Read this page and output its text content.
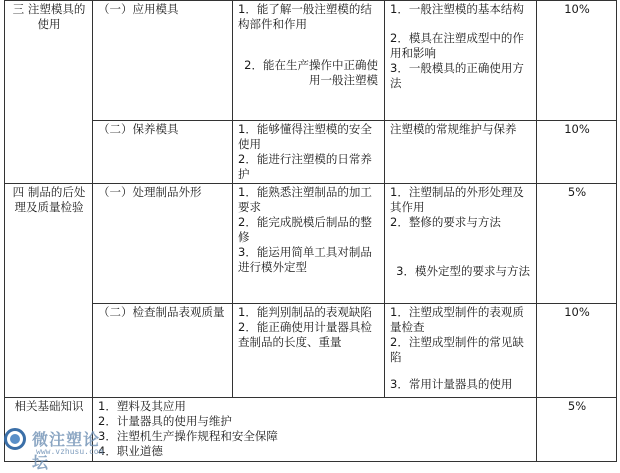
三 注塑模具的使用	（一）应用模具	1．能了解一般注塑模的结构部件和作用
2．能在生产操作中正确使用一般注塑模	1．一般注塑模的基本结构
2．模具在注塑成型中的作用和影响
3．一般模具的正确使用方法	10%
	（二）保养模具	1．能够懂得注塑模的安全使用
2．能进行注塑模的日常养护	注塑模的常规维护与保养	10%
四 制品的后处理及质量检验	（一）处理制品外形	1．能熟悉注塑制品的加工要求
2．能完成脱模后制品的整修
3．能运用简单工具对制品进行模外定型	1．注塑制品的外形处理及其作用
2．整修的要求与方法
3．模外定型的要求与方法	5%
	（二）检查制品表观质量	1．能判别制品的表观缺陷
2．能正确使用计量器具检查制品的长度、重量	1．注塑成型制件的表观质量检查
2．注塑成型制件的常见缺陷
3．常用计量器具的使用	10%
相关基础知识	1．塑料及其应用
2．计量器具的使用与维护
3．注塑机生产操作规程和安全保障
4．职业道德			5%
微注塑论坛
www.vzhusu.com
